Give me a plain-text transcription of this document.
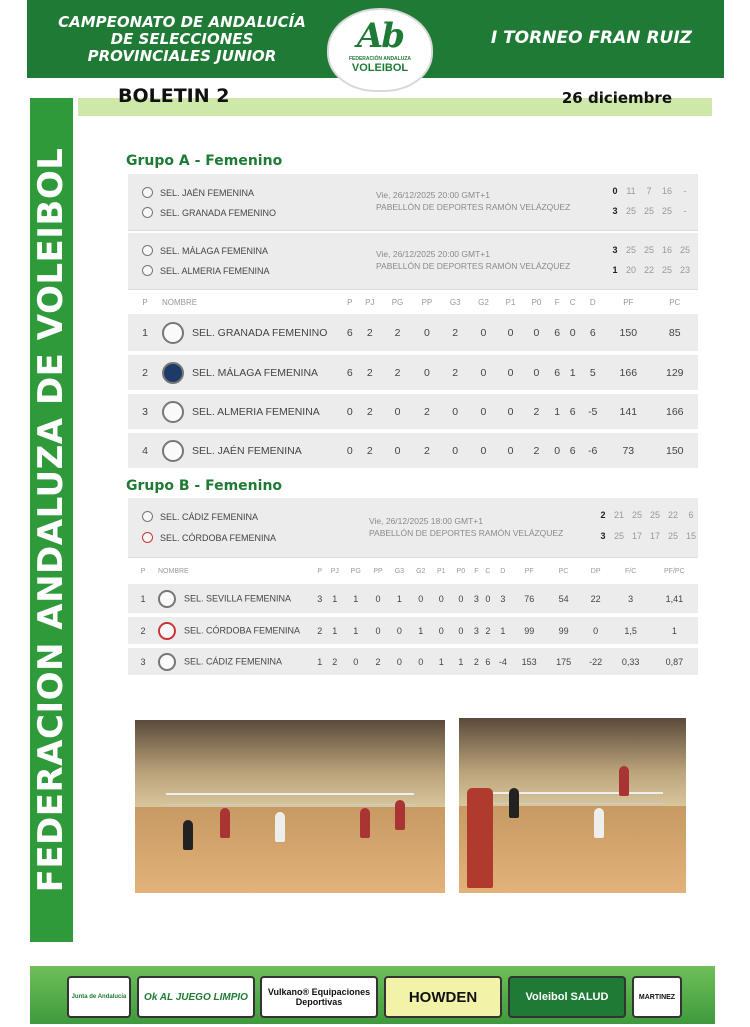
CAMPEONATO DE ANDALUCÍA
DE SELECCIONES
PROVINCIALES JUNIOR	Ab
FEDERACIÓN ANDALUZA
VOLEIBOL
I TORNEO FRAN RUIZ
BOLETIN 2	26 diciembre
FEDERACION ANDALUZA DE VOLEIBOL	Grupo A - Femenino
SEL. JAÉN FEMENINA
SEL. GRANADA FEMENINO
Vie, 26/12/2025 20:00 GMT+1
PABELLÓN DE DEPORTES RAMÓN VELÁZQUEZ
0 11	7	16	-
3 25 25 25	-
SEL. MÁLAGA FEMENINA
SEL. ALMERIA FEMENINA
Vie, 26/12/2025 20:00 GMT+1
PABELLÓN DE DEPORTES RAMÓN VELÁZQUEZ
3 25 25 16 25
1 20 22 25 23
P	NOMBRE	P	PJ	PG	PP	G3	G2	P1	P0	F	C	D	PF	PC
1	SEL. GRANADA FEMENINO	6	2	2	0	2	0	0	0	6	0	6	150	85
2	SEL. MÁLAGA FEMENINA	6	2	2	0	2	0	0	0	6	1	5	166	129
3	SEL. ALMERIA FEMENINA	0	2	0	2	0	0	0	2	1	6	-5	141	166
4	SEL. JAÉN FEMENINA	0	2	0	2	0	0	0	2	0	6	-6	73	150
Grupo B - Femenino
SEL. CÁDIZ FEMENINA
SEL. CÓRDOBA FEMENINA
Vie, 26/12/2025 18:00 GMT+1
PABELLÓN DE DEPORTES RAMÓN VELÁZQUEZ
2 21 25 25 22	6
3 25 17 17 25 15
P	NOMBRE	P	PJ	PG	PP	G3	G2	P1	P0	F	C	D	PF	PC	DP	F/C	PF/PC
1	SEL. SEVILLA FEMENINA	3	1	1	0	1	0	0	0	3	0	3	76	54	22	3	1,41
2	SEL. CÓRDOBA FEMENINA	2	1	1	0	0	1	0	0	3	2	1	99	99	0	1,5	1
3	SEL. CÁDIZ FEMENINA	1	2	0	2	0	0	1	1	2	6	-4	153	175	-22	0,33	0,87
Junta de Andalucía	Ok AL JUEGO LIMPIO	Vulkano® Equipaciones Deportivas	HOWDEN	Voleibol SALUD	MARTINEZ
